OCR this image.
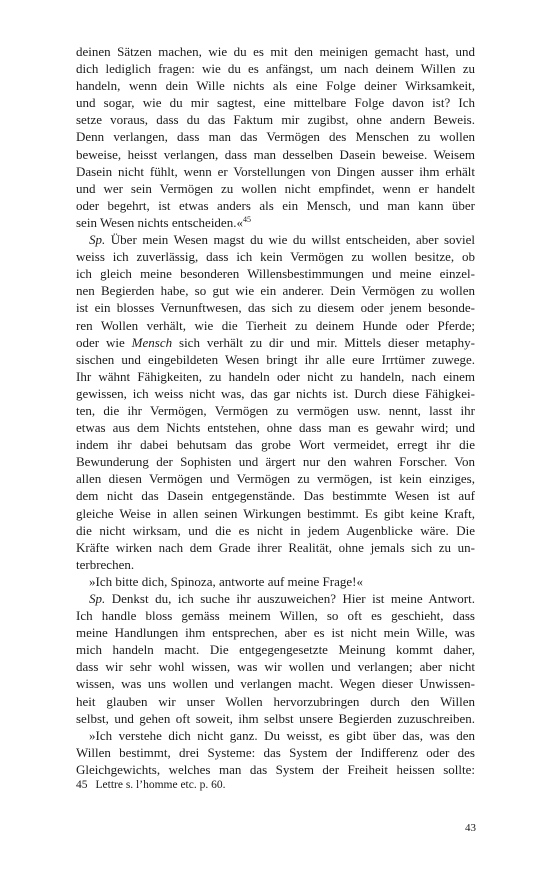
deinen Sätzen machen, wie du es mit den meinigen gemacht hast, und
dich lediglich fragen: wie du es anfängst, um nach deinem Willen zu
handeln, wenn dein Wille nichts als eine Folge deiner Wirksamkeit,
und sogar, wie du mir sagtest, eine mittelbare Folge davon ist? Ich
setze voraus, dass du das Faktum mir zugibst, ohne andern Beweis.
Denn verlangen, dass man das Vermögen des Menschen zu wollen
beweise, heisst verlangen, dass man desselben Dasein beweise. Weisem
Dasein nicht fühlt, wenn er Vorstellungen von Dingen ausser ihm erhält
und wer sein Vermögen zu wollen nicht empfindet, wenn er handelt
oder begehrt, ist etwas anders als ein Mensch, und man kann über
sein Wesen nichts entscheiden.«$^{45}$
Sp. Über mein Wesen magst du wie du willst entscheiden, aber soviel
weiss ich zuverlässig, dass ich kein Vermögen zu wollen besitze, ob
ich gleich meine besonderen Willensbestimmungen und meine einzel-
nen Begierden habe, so gut wie ein anderer. Dein Vermögen zu wollen
ist ein blosses Vernunftwesen, das sich zu diesem oder jenem besonde-
ren Wollen verhält, wie die Tierheit zu deinem Hunde oder Pferde;
oder wie Mensch sich verhält zu dir und mir. Mittels dieser metaphy-
sischen und eingebildeten Wesen bringt ihr alle eure Irrtümer zuwege.
Ihr wähnt Fähigkeiten, zu handeln oder nicht zu handeln, nach einem
gewissen, ich weiss nicht was, das gar nichts ist. Durch diese Fähigkei-
ten, die ihr Vermögen, Vermögen zu vermögen usw. nennt, lasst ihr
etwas aus dem Nichts entstehen, ohne dass man es gewahr wird; und
indem ihr dabei behutsam das grobe Wort vermeidet, erregt ihr die
Bewunderung der Sophisten und ärgert nur den wahren Forscher. Von
allen diesen Vermögen und Vermögen zu vermögen, ist kein einziges,
dem nicht das Dasein entgegenstände. Das bestimmte Wesen ist auf
gleiche Weise in allen seinen Wirkungen bestimmt. Es gibt keine Kraft,
die nicht wirksam, und die es nicht in jedem Augenblicke wäre. Die
Kräfte wirken nach dem Grade ihrer Realität, ohne jemals sich zu un-
terbrechen.
»Ich bitte dich, Spinoza, antworte auf meine Frage!«
Sp. Denkst du, ich suche ihr auszuweichen? Hier ist meine Antwort.
Ich handle bloss gemäss meinem Willen, so oft es geschieht, dass
meine Handlungen ihm entsprechen, aber es ist nicht mein Wille, was
mich handeln macht. Die entgegengesetzte Meinung kommt daher,
dass wir sehr wohl wissen, was wir wollen und verlangen; aber nicht
wissen, was uns wollen und verlangen macht. Wegen dieser Unwissen-
heit glauben wir unser Wollen hervorzubringen durch den Willen
selbst, und gehen oft soweit, ihm selbst unsere Begierden zuzuschreiben.
»Ich verstehe dich nicht ganz. Du weisst, es gibt über das, was den
Willen bestimmt, drei Systeme: das System der Indifferenz oder des
Gleichgewichts, welches man das System der Freiheit heissen sollte:
45 Lettre s. l’homme etc. p. 60.
43
